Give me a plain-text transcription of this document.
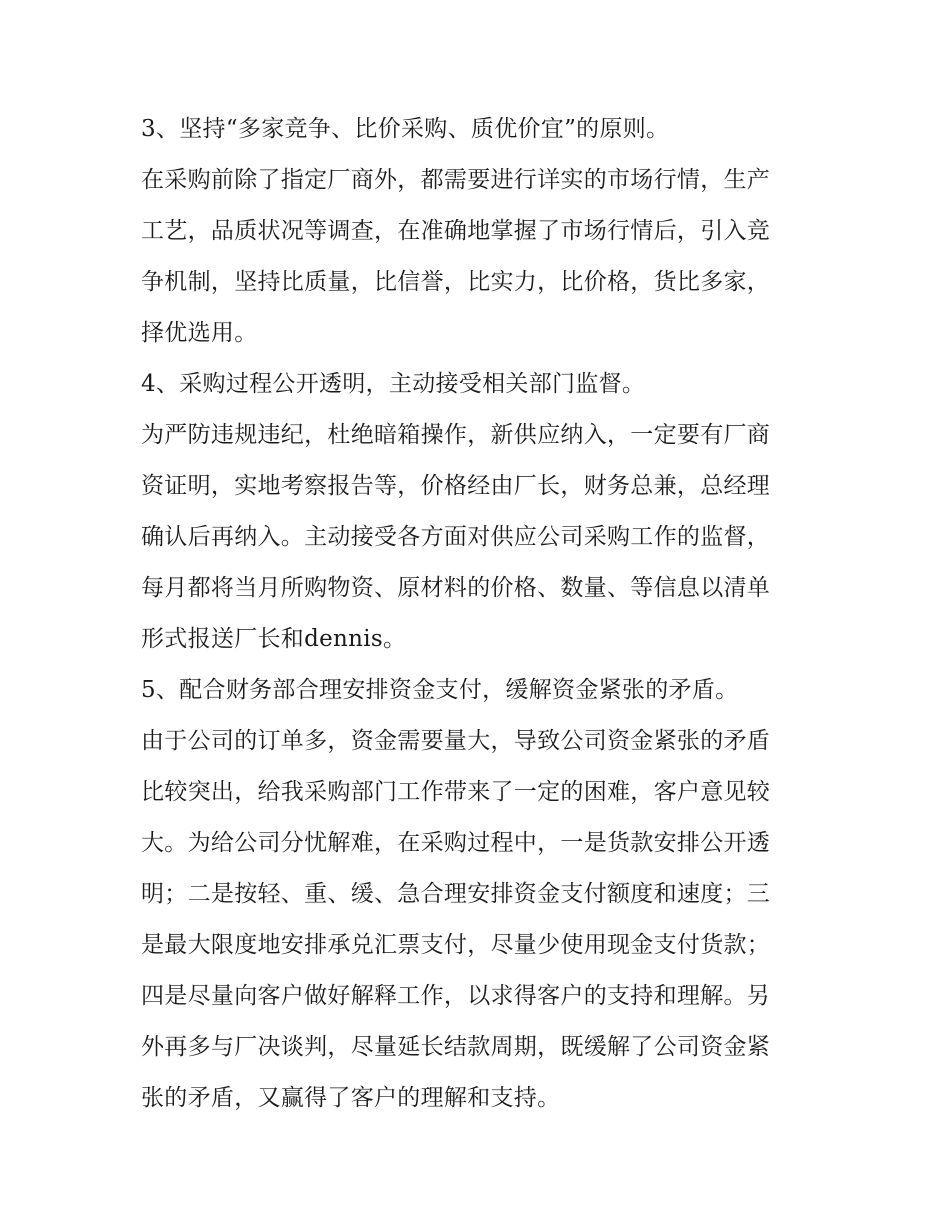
3、坚持“多家竞争、比价采购、质优价宜”的原则。

在采购前除了指定厂商外，都需要进行详实的市场行情，生产
工艺，品质状况等调查，在准确地掌握了市场行情后，引入竞
争机制，坚持比质量，比信誉，比实力，比价格，货比多家，
择优选用。

4、采购过程公开透明，主动接受相关部门监督。

为严防违规违纪，杜绝暗箱操作，新供应纳入，一定要有厂商
资证明，实地考察报告等，价格经由厂长，财务总兼，总经理
确认后再纳入。主动接受各方面对供应公司采购工作的监督，
每月都将当月所购物资、原材料的价格、数量、等信息以清单
形式报送厂长和dennis。

5、配合财务部合理安排资金支付，缓解资金紧张的矛盾。

由于公司的订单多，资金需要量大，导致公司资金紧张的矛盾
比较突出，给我采购部门工作带来了一定的困难，客户意见较
大。为给公司分忧解难，在采购过程中，一是货款安排公开透
明；二是按轻、重、缓、急合理安排资金支付额度和速度；三
是最大限度地安排承兑汇票支付，尽量少使用现金支付货款；
四是尽量向客户做好解释工作，以求得客户的支持和理解。另
外再多与厂决谈判，尽量延长结款周期，既缓解了公司资金紧
张的矛盾，又赢得了客户的理解和支持。
